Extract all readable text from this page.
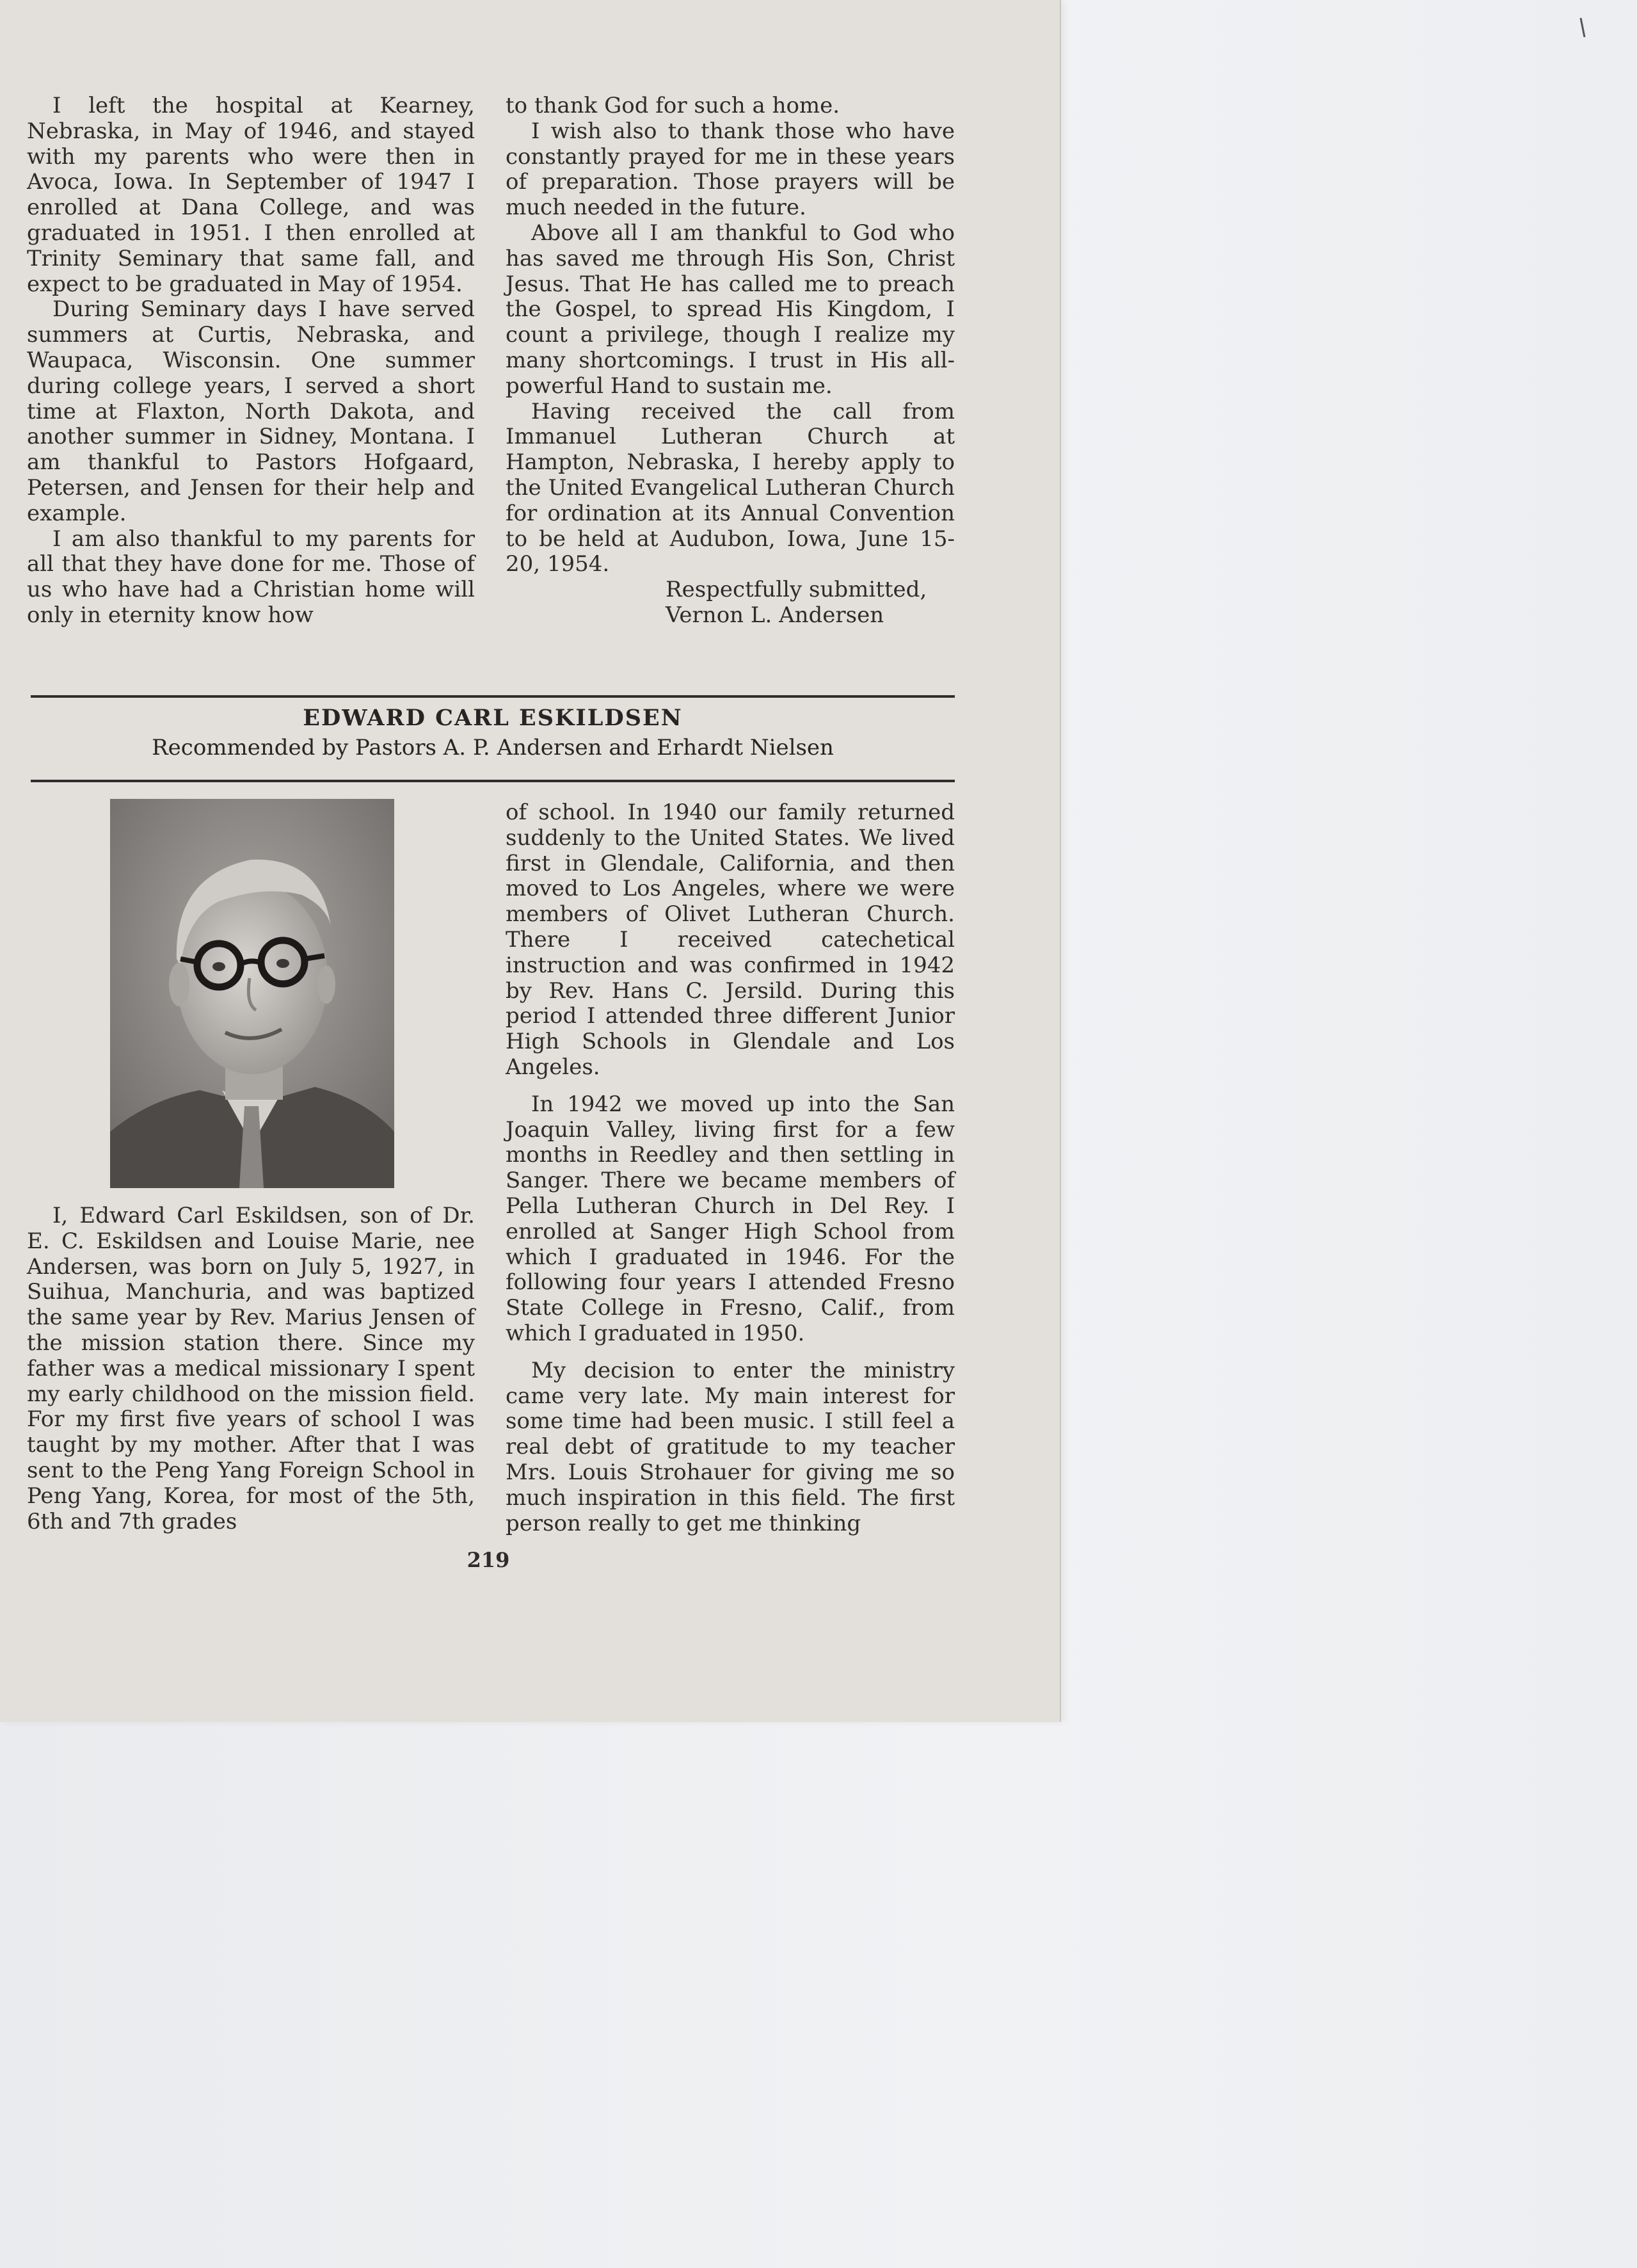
I left the hospital at Kearney, Nebraska, in May of 1946, and stayed with my parents who were then in Avoca, Iowa. In September of 1947 I enrolled at Dana College, and was graduated in 1951. I then enrolled at Trinity Seminary that same fall, and expect to be graduated in May of 1954.

During Seminary days I have served summers at Curtis, Nebraska, and Waupaca, Wisconsin. One summer during college years, I served a short time at Flaxton, North Dakota, and another summer in Sidney, Montana. I am thankful to Pastors Hofgaard, Petersen, and Jensen for their help and example.

I am also thankful to my parents for all that they have done for me. Those of us who have had a Christian home will only in eternity know how

to thank God for such a home.

I wish also to thank those who have constantly prayed for me in these years of preparation. Those prayers will be much needed in the future.

Above all I am thankful to God who has saved me through His Son, Christ Jesus. That He has called me to preach the Gospel, to spread His Kingdom, I count a privilege, though I realize my many shortcomings. I trust in His all-powerful Hand to sustain me.

Having received the call from Immanuel Lutheran Church at Hampton, Nebraska, I hereby apply to the United Evangelical Lutheran Church for ordination at its Annual Convention to be held at Audubon, Iowa, June 15-20, 1954.

Respectfully submitted,

Vernon L. Andersen

EDWARD CARL ESKILDSEN
Recommended by Pastors A. P. Andersen and Erhardt Nielsen

I, Edward Carl Eskildsen, son of Dr. E. C. Eskildsen and Louise Marie, nee Andersen, was born on July 5, 1927, in Suihua, Manchuria, and was baptized the same year by Rev. Marius Jensen of the mission station there. Since my father was a medical missionary I spent my early childhood on the mission field. For my first five years of school I was taught by my mother. After that I was sent to the Peng Yang Foreign School in Peng Yang, Korea, for most of the 5th, 6th and 7th grades

of school. In 1940 our family returned suddenly to the United States. We lived first in Glendale, California, and then moved to Los Angeles, where we were members of Olivet Lutheran Church. There I received catechetical instruction and was confirmed in 1942 by Rev. Hans C. Jersild. During this period I attended three different Junior High Schools in Glendale and Los Angeles.

In 1942 we moved up into the San Joaquin Valley, living first for a few months in Reedley and then settling in Sanger. There we became members of Pella Lutheran Church in Del Rey. I enrolled at Sanger High School from which I graduated in 1946. For the following four years I attended Fresno State College in Fresno, Calif., from which I graduated in 1950.

My decision to enter the ministry came very late. My main interest for some time had been music. I still feel a real debt of gratitude to my teacher Mrs. Louis Strohauer for giving me so much inspiration in this field. The first person really to get me thinking

219
